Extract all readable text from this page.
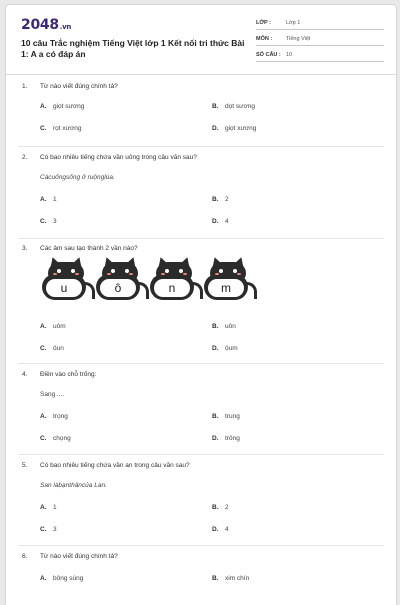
2048.vn
10 câu Trắc nghiệm Tiếng Việt lớp 1 Kết nối tri thức Bài 1: A a có đáp án
LỚP :	Lớp 1
MÔN :	Tiếng Việt
SỐ CÂU : 10
1.	Từ nào viết đúng chính tả?
A.	giọt sương	B.	dọt sương
C.	rọt xương	D.	giọt xương
2.	Có bao nhiêu tiếng chứa vần uông trong câu văn sau?
Càcuốngsống ở ruộnglúa.
A.	1	B.	2
C.	3	D.	4
3.	Các âm sau tạo thành 2 vần nào?
u	ô	n	m
A.	uôm	B.	uôn
C.	ôun	D.	ôum
4.	Điền vào chỗ trống:
Sang ....
A.	trọng	B.	trung
C.	chọng	D.	trông
5.	Có bao nhiêu tiếng chứa vần an trong câu văn sau?
San làbạnthâncủa Lan.
A.	1	B.	2
C.	3	D.	4
6.	Từ nào viết đúng chính tả?
A.	bông súng	B.	xim chín
